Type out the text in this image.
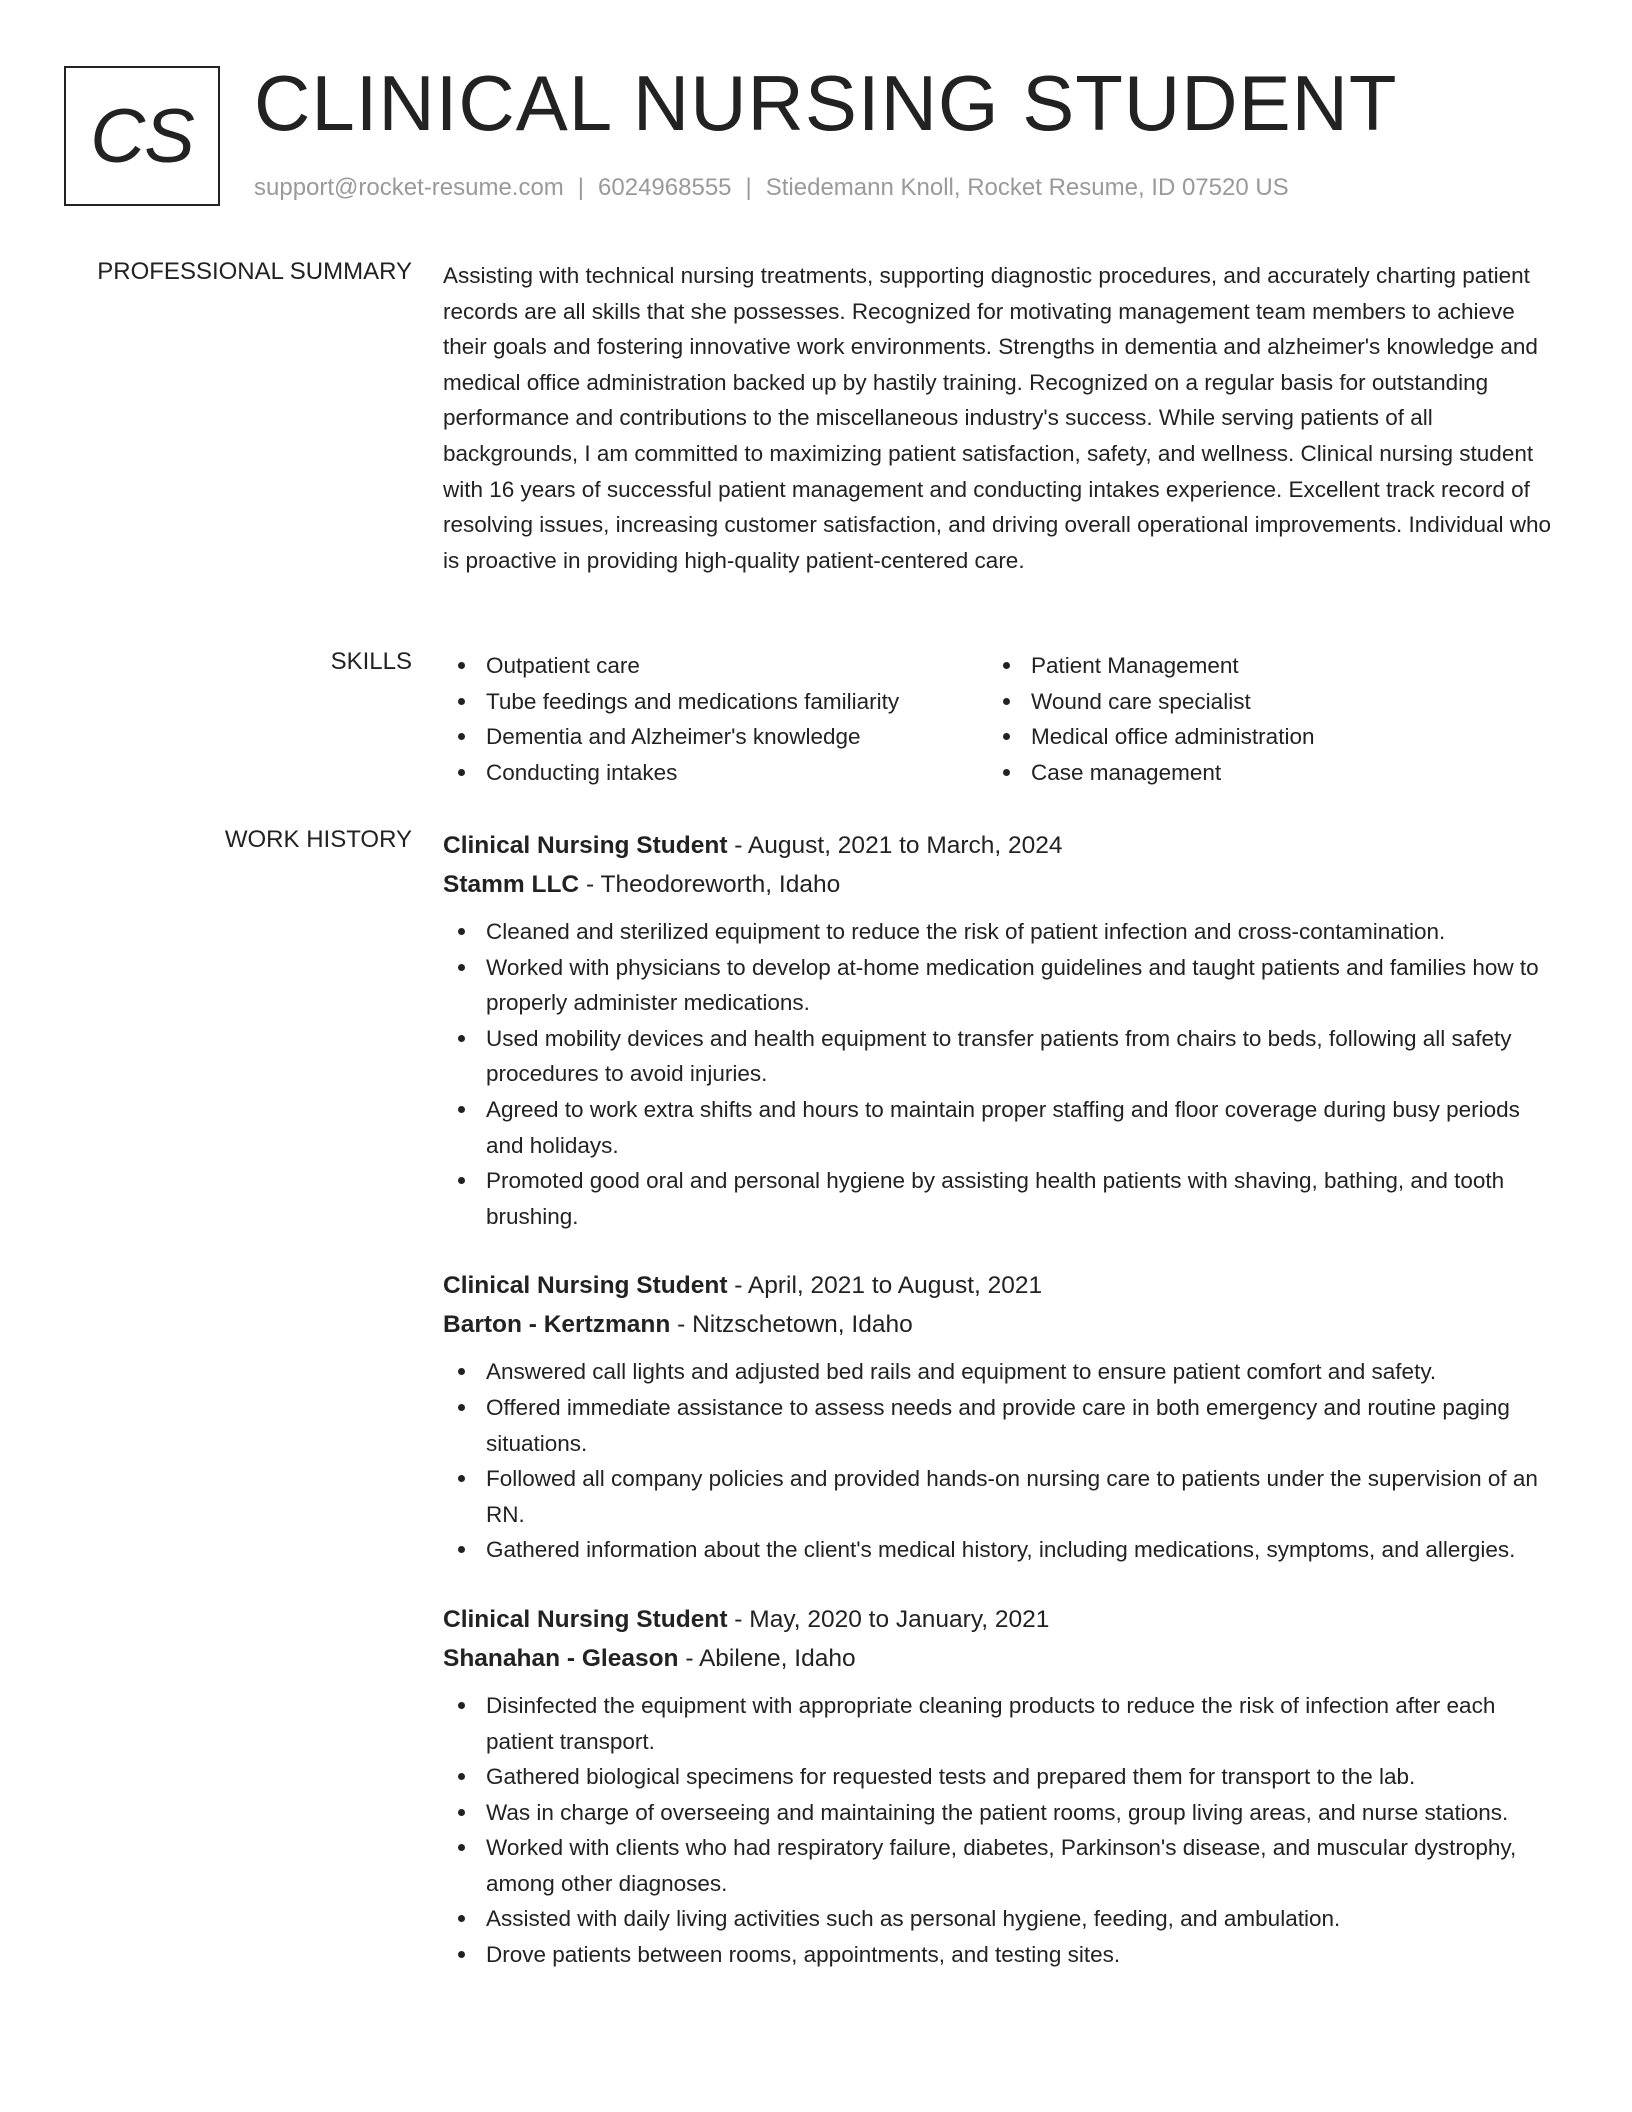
CS CLINICAL NURSING STUDENT
support@rocket-resume.com | 6024968555 | Stiedemann Knoll, Rocket Resume, ID 07520 US
PROFESSIONAL SUMMARY Assisting with technical nursing treatments, supporting diagnostic procedures, and accurately charting patient records are all skills that she possesses. Recognized for motivating management team members to achieve their goals and fostering innovative work environments. Strengths in dementia and alzheimer's knowledge and medical office administration backed up by hastily training. Recognized on a regular basis for outstanding performance and contributions to the miscellaneous industry's success. While serving patients of all backgrounds, I am committed to maximizing patient satisfaction, safety, and wellness. Clinical nursing student with 16 years of successful patient management and conducting intakes experience. Excellent track record of resolving issues, increasing customer satisfaction, and driving overall operational improvements. Individual who is proactive in providing high-quality patient-centered care.

SKILLS	Outpatient care
Tube feedings and medications familiarity
Dementia and Alzheimer's knowledge
Conducting intakes
Patient Management
Wound care specialist
Medical office administration
Case management
WORK HISTORY Clinical Nursing Student - August, 2021 to March, 2024
Stamm LLC - Theodoreworth, Idaho
Cleaned and sterilized equipment to reduce the risk of patient infection and cross-contamination.
Worked with physicians to develop at-home medication guidelines and taught patients and families how to properly administer medications.
Used mobility devices and health equipment to transfer patients from chairs to beds, following all safety procedures to avoid injuries.
Agreed to work extra shifts and hours to maintain proper staffing and floor coverage during busy periods and holidays.
Promoted good oral and personal hygiene by assisting health patients with shaving, bathing, and tooth brushing.
Clinical Nursing Student - April, 2021 to August, 2021
Barton - Kertzmann - Nitzschetown, Idaho
Answered call lights and adjusted bed rails and equipment to ensure patient comfort and safety.
Offered immediate assistance to assess needs and provide care in both emergency and routine paging situations.
Followed all company policies and provided hands-on nursing care to patients under the supervision of an RN.
Gathered information about the client's medical history, including medications, symptoms, and allergies.
Clinical Nursing Student - May, 2020 to January, 2021
Shanahan - Gleason - Abilene, Idaho
Disinfected the equipment with appropriate cleaning products to reduce the risk of infection after each patient transport.
Gathered biological specimens for requested tests and prepared them for transport to the lab.
Was in charge of overseeing and maintaining the patient rooms, group living areas, and nurse stations.
Worked with clients who had respiratory failure, diabetes, Parkinson's disease, and muscular dystrophy, among other diagnoses.
Assisted with daily living activities such as personal hygiene, feeding, and ambulation.
Drove patients between rooms, appointments, and testing sites.
